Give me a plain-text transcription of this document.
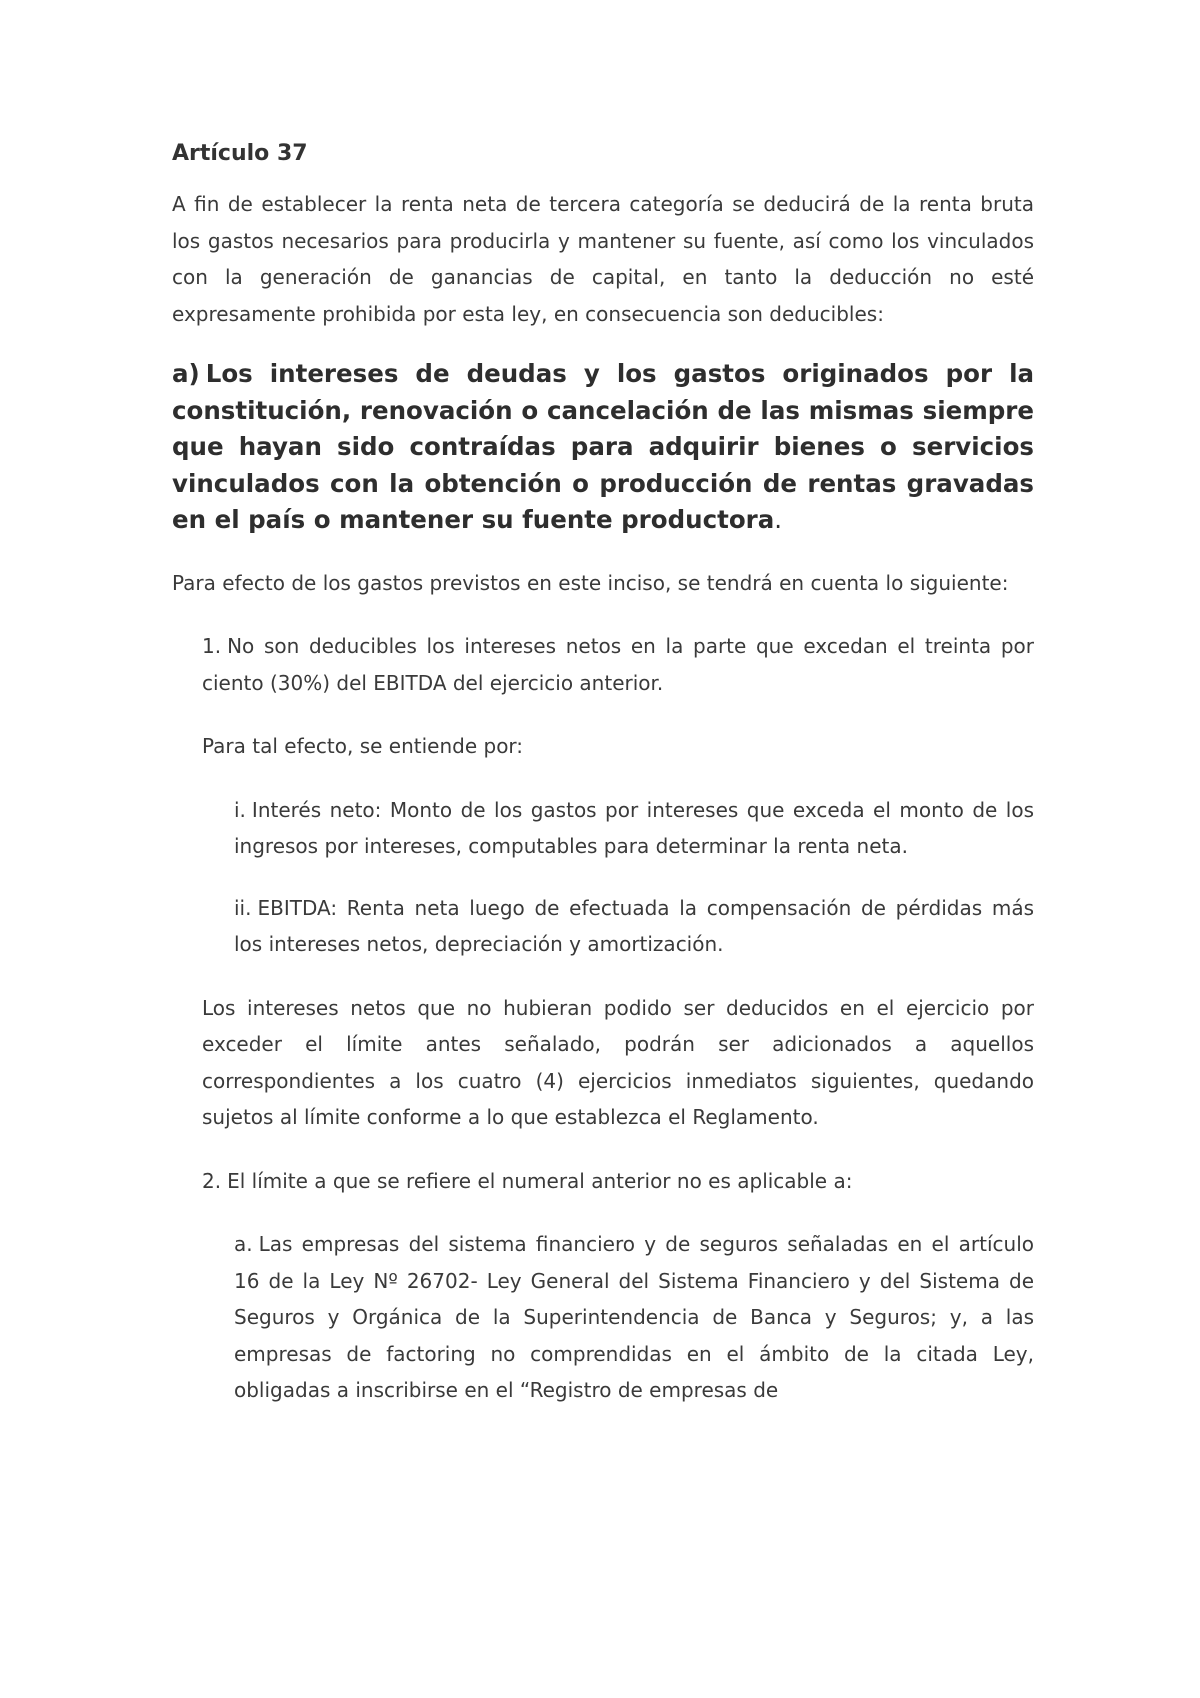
Artículo 37

A fin de establecer la renta neta de tercera categoría se deducirá de la renta bruta los gastos necesarios para producirla y mantener su fuente, así como los vinculados con la generación de ganancias de capital, en tanto la deducción no esté expresamente prohibida por esta ley, en consecuencia son deducibles:

a) Los intereses de deudas y los gastos originados por la constitución, renovación o cancelación de las mismas siempre que hayan sido contraídas para adquirir bienes o servicios vinculados con la obtención o producción de rentas gravadas en el país o mantener su fuente productora.

Para efecto de los gastos previstos en este inciso, se tendrá en cuenta lo siguiente:

1. No son deducibles los intereses netos en la parte que excedan el treinta por ciento (30%) del EBITDA del ejercicio anterior.

Para tal efecto, se entiende por:

i. Interés neto: Monto de los gastos por intereses que exceda el monto de los ingresos por intereses, computables para determinar la renta neta.

ii. EBITDA: Renta neta luego de efectuada la compensación de pérdidas más los intereses netos, depreciación y amortización.

Los intereses netos que no hubieran podido ser deducidos en el ejercicio por exceder el límite antes señalado, podrán ser adicionados a aquellos correspondientes a los cuatro (4) ejercicios inmediatos siguientes, quedando sujetos al límite conforme a lo que establezca el Reglamento.

2. El límite a que se refiere el numeral anterior no es aplicable a:

a. Las empresas del sistema financiero y de seguros señaladas en el artículo 16 de la Ley Nº 26702- Ley General del Sistema Financiero y del Sistema de Seguros y Orgánica de la Superintendencia de Banca y Seguros; y, a las empresas de factoring no comprendidas en el ámbito de la citada Ley, obligadas a inscribirse en el “Registro de empresas de
